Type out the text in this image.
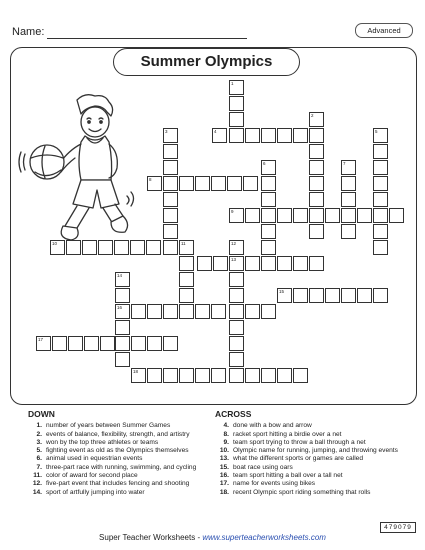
Name:	Advanced
Summer Olympics
1
4
2
5
3
6	7
8
9
10	11	12
13
14
16
15
17
18
DOWN
1. number of years between Summer Games
2. events of balance, flexibility, strength, and artistry
3. won by the top three athletes or teams
5. fighting event as old as the Olympics themselves
6. animal used in equestrian events
7. three-part race with running, swimming, and cycling
11. color of award for second place
12. five-part event that includes fencing and shooting
14. sport of artfully jumping into water
ACROSS
4. done with a bow and arrow
8. racket sport hitting a birdie over a net
9. team sport trying to throw a ball through a net
10. Olympic name for running, jumping, and throwing events
13. what the different sports or games are called
15. boat race using oars
16. team sport hitting a ball over a tall net
17. name for events using bikes
18. recent Olympic sport riding something that rolls
479079
Super Teacher Worksheets - www.superteacherworksheets.com
